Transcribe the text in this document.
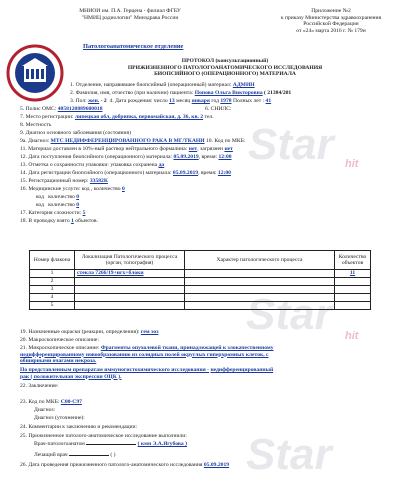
Star hit
Star hit
Star
МНИОИ им. П.А. Герцена - филиал ФГБУ
"НМИЦ радиологии" Минздрава России
Приложение №2
к приказу Министерства здравоохранения
Российской Федерации
от «24» марта 2016 г. № 179н
Патологоанатомическое отделение
ПРОТОКОЛ (консультационный)
ПРИЖИЗНЕННОГО ПАТОЛОГОАНАТОМИЧЕСКОГО ИССЛЕДОВАНИЯ
БИОПСИЙНОГО (ОПЕРАЦИОННОГО) МАТЕРИАЛА
1. Отделение, направившее биопсийный (операционный) материал: АДМИН
2. Фамилия, имя, отчество (при наличии) пациента: Попова Ольга Викторовна ( 21384/201
3. Пол: жен. - 2 4. Дата рождения: число 13 месяц января год 1978 Полных лет : 41
5. Полис ОМС: 4858120889600018	6. СНИЛС:
7. Место регистрации: липецкая обл, добринка, первомайская, д. 36, кв. 2 тел.
8. Местность
9. Диагноз основного заболевания (состояния)
9a. Диагноз: МТС НЕДИФФЕРЕНЦИРОВАННОГО РАКА В МГ/ТКАНИ 10. Код по МКБ:
11. Материал доставлен в 10%-ный раствор нейтрального формалина: нет, загрязнен нет
12. Дата поступления биопсийного (операционного) материала: 05.09.2019, время: 12:00
13. Отметка о сохранности упаковки: упаковка сохранена да
14. Дата регистрации биопсийного (операционного) материала: 05.09.2019, время: 12:00
15. Регистрационный номер: 33582К
16. Медицинские услуги: код , количество 0
код количество 0
код количество 0
17. Категория сложности: 5
18. В проводку взято 1 объектов.
Номер флакона	Локализация Патологического процесса (орган, топография)	Характер патологического процесса	Количество объектов
1	стекла 7266/19+игх+блоки		11
2			
3			
4			
5			
19. Назначенные окраски (реакции, определения): гем эоз
20. Макроскопическое описание:
21. Микроскопическое описание: Фрагменты опухолевой ткани, принадлежащей к злокачественному
недифференцированному новообразованию из солидных полей округлых гиперхромных клеток, с
обширными очагами некроза.
По представленным препаратам иммуногистохимического исследования - недифференцированный
рак ( положительная экспрессия ОЦК ).
22. Заключение:
23. Код по МКБ: С00-С97
Диагноз:
Диагноз (уточнение):
24. Комментарии к заключению и рекомендации:
25. Прижизненное патолого-анатомическое исследование выполнили:
Врач-патологоанатом	( кмн Э.А.Ягубова )
Лечащий врач	( )
26. Дата проведения прижизненного патолого-анатомического исследования 05.09.2019
